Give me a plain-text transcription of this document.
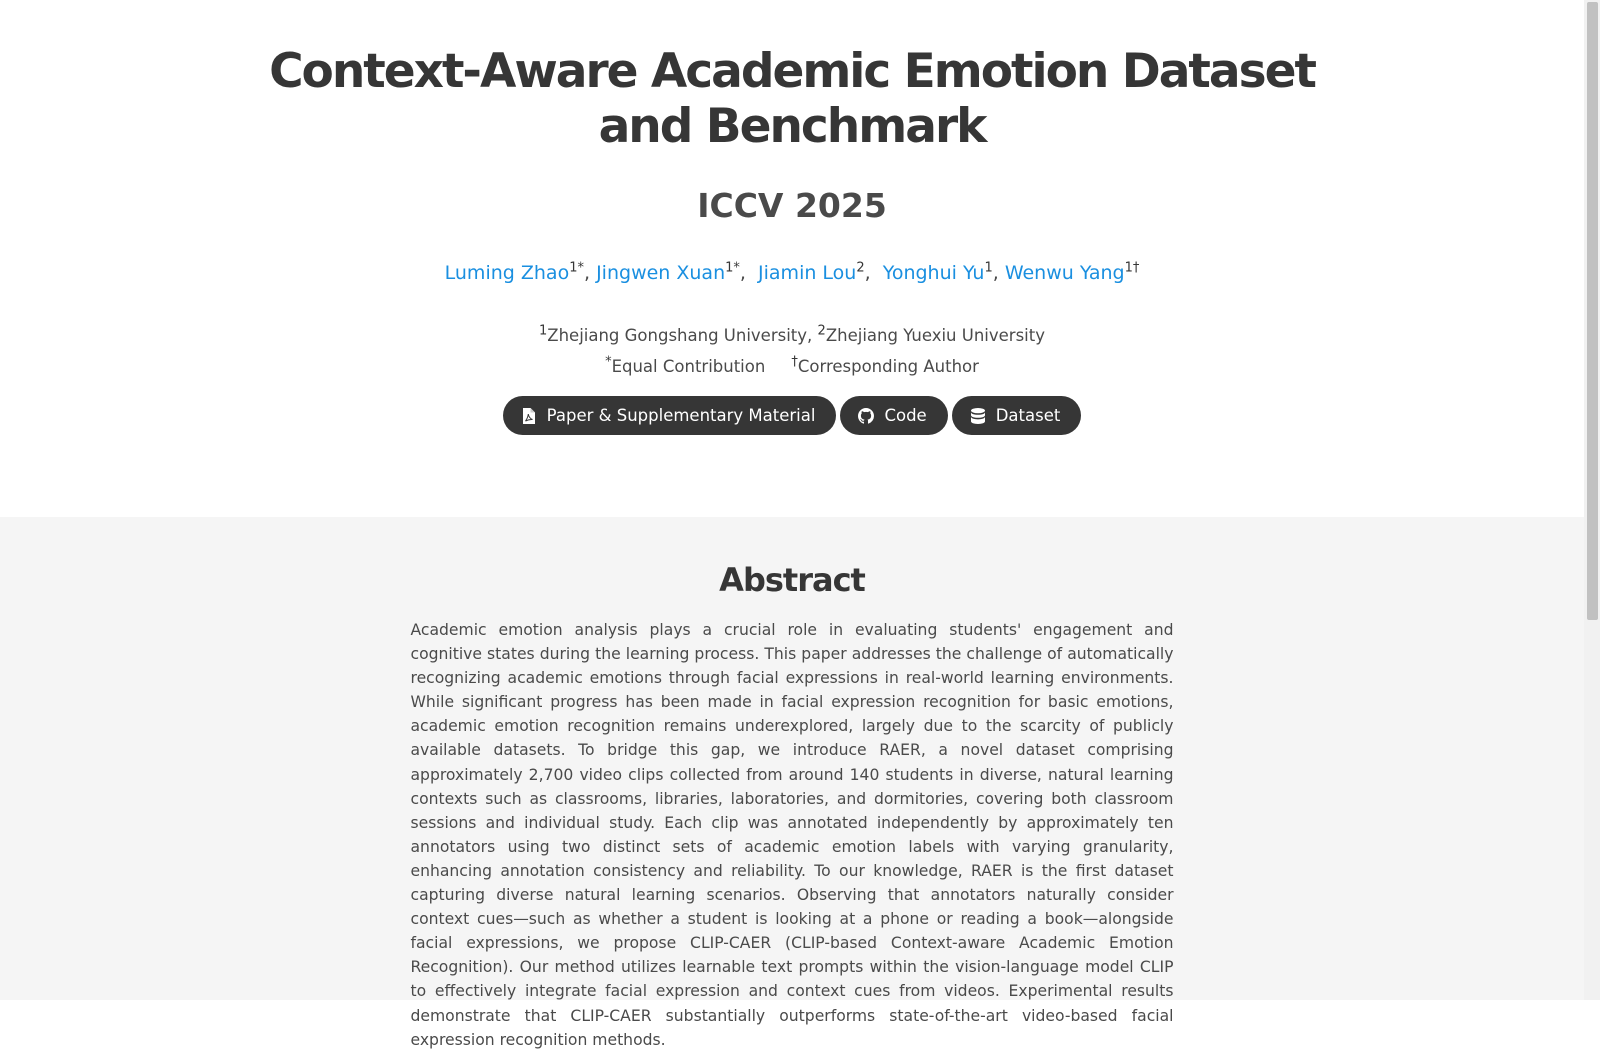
Context-Aware Academic Emotion Dataset
and Benchmark
ICCV 2025
Luming Zhao$^{1*}$, Jingwen Xuan$^{1*}$,  Jiamin Lou$^2$,  Yonghui Yu$^1$, Wenwu Yang$^{1\dagger}$
$^1$Zhejiang Gongshang University, $^2$Zhejiang Yuexiu University
*Equal Contribution †Corresponding Author
Paper & Supplementary Material	Code	Dataset
Abstract

Academic emotion analysis plays a crucial role in evaluating students' engagement and cognitive states during the learning process. This paper addresses the challenge of automatically recognizing academic emotions through facial expressions in real-world learning environments. While significant progress has been made in facial expression recognition for basic emotions, academic emotion recognition remains underexplored, largely due to the scarcity of publicly available datasets. To bridge this gap, we introduce RAER, a novel dataset comprising approximately 2,700 video clips collected from around 140 students in diverse, natural learning contexts such as classrooms, libraries, laboratories, and dormitories, covering both classroom sessions and individual study. Each clip was annotated independently by approximately ten annotators using two distinct sets of academic emotion labels with varying granularity, enhancing annotation consistency and reliability. To our knowledge, RAER is the first dataset capturing diverse natural learning scenarios. Observing that annotators naturally consider context cues—such as whether a student is looking at a phone or reading a book—alongside facial expressions, we propose CLIP-CAER (CLIP-based Context-aware Academic Emotion Recognition). Our method utilizes learnable text prompts within the vision-language model CLIP to effectively integrate facial expression and context cues from videos. Experimental results demonstrate that CLIP-CAER substantially outperforms state-of-the-art video-based facial expression recognition methods.
